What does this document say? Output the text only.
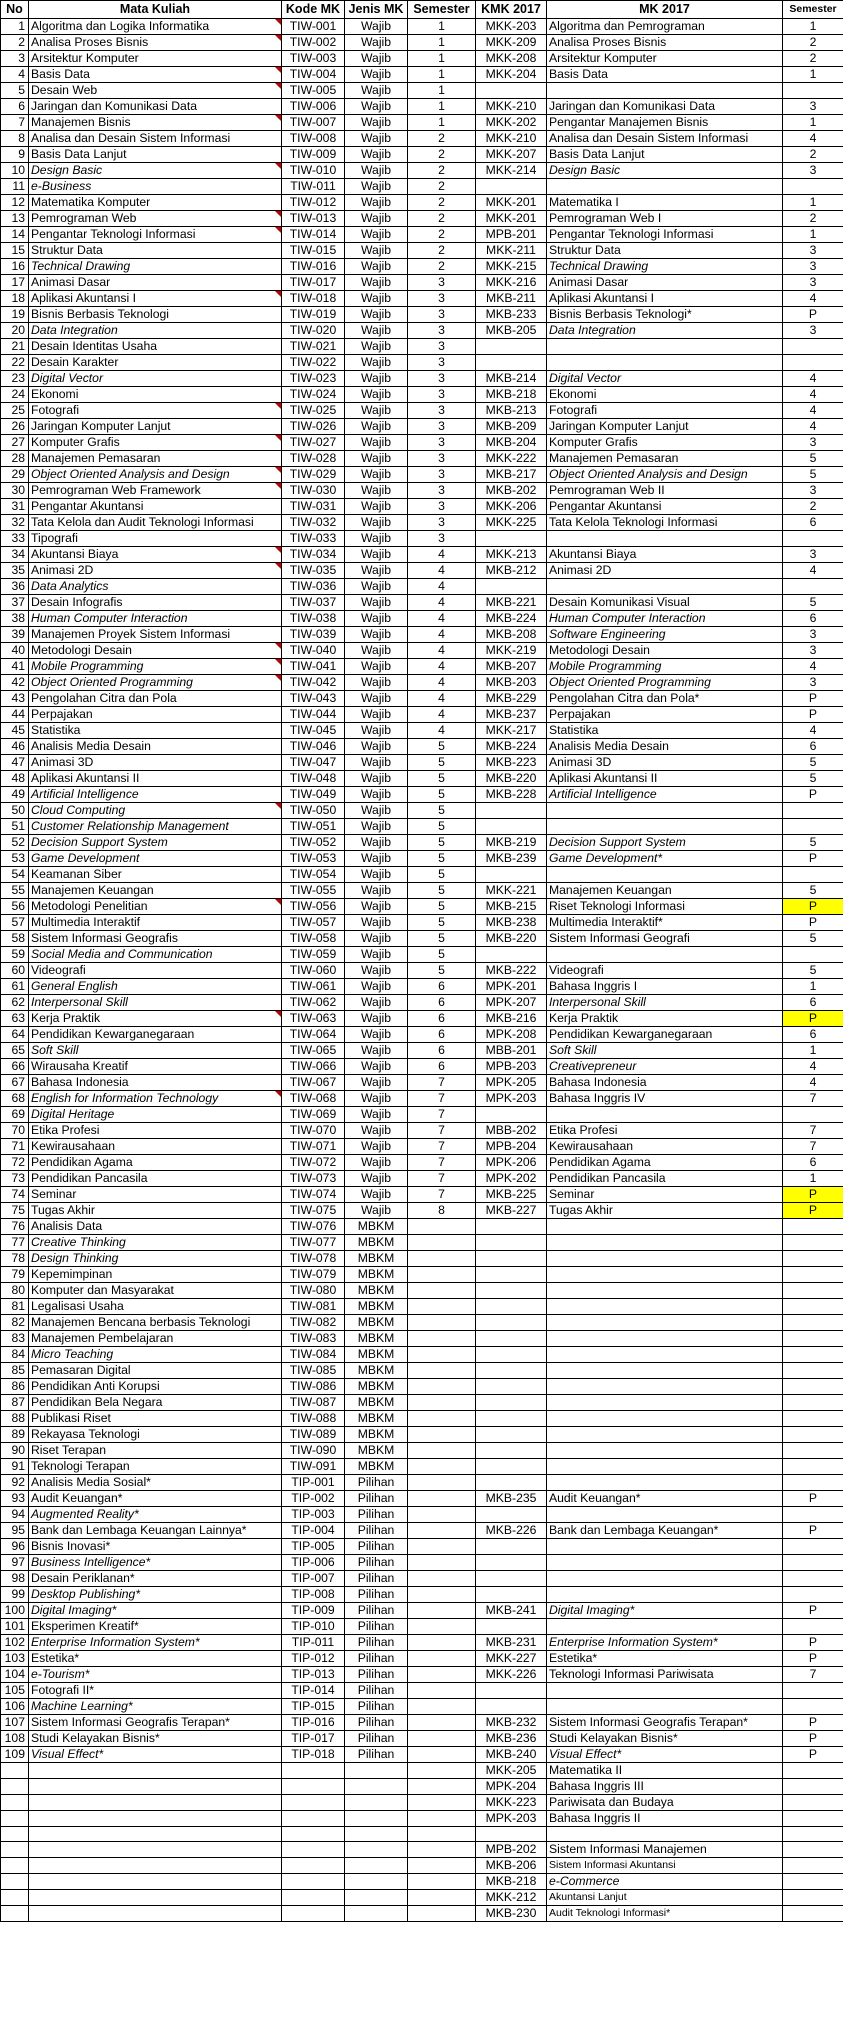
No	Mata Kuliah	Kode MK	Jenis MK	Semester	KMK 2017	MK 2017	Semester
1	Algoritma dan Logika Informatika	TIW-001	Wajib	1	MKK-203	Algoritma dan Pemrograman	1
2	Analisa Proses Bisnis	TIW-002	Wajib	1	MKK-209	Analisa Proses Bisnis	2
3	Arsitektur Komputer	TIW-003	Wajib	1	MKK-208	Arsitektur Komputer	2
4	Basis Data	TIW-004	Wajib	1	MKK-204	Basis Data	1
5	Desain Web	TIW-005	Wajib	1			
6	Jaringan dan Komunikasi Data	TIW-006	Wajib	1	MKK-210	Jaringan dan Komunikasi Data	3
7	Manajemen Bisnis	TIW-007	Wajib	1	MKK-202	Pengantar Manajemen Bisnis	1
8	Analisa dan Desain Sistem Informasi	TIW-008	Wajib	2	MKK-210	Analisa dan Desain Sistem Informasi	4
9	Basis Data Lanjut	TIW-009	Wajib	2	MKK-207	Basis Data Lanjut	2
10	Design Basic	TIW-010	Wajib	2	MKK-214	Design Basic	3
11	e-Business	TIW-011	Wajib	2			
12	Matematika Komputer	TIW-012	Wajib	2	MKK-201	Matematika I	1
13	Pemrograman Web	TIW-013	Wajib	2	MKK-201	Pemrograman Web I	2
14	Pengantar Teknologi Informasi	TIW-014	Wajib	2	MPB-201	Pengantar Teknologi Informasi	1
15	Struktur Data	TIW-015	Wajib	2	MKK-211	Struktur Data	3
16	Technical Drawing	TIW-016	Wajib	2	MKK-215	Technical Drawing	3
17	Animasi Dasar	TIW-017	Wajib	3	MKK-216	Animasi Dasar	3
18	Aplikasi Akuntansi I	TIW-018	Wajib	3	MKB-211	Aplikasi Akuntansi I	4
19	Bisnis Berbasis Teknologi	TIW-019	Wajib	3	MKB-233	Bisnis Berbasis Teknologi*	P
20	Data Integration	TIW-020	Wajib	3	MKB-205	Data Integration	3
21	Desain Identitas Usaha	TIW-021	Wajib	3			
22	Desain Karakter	TIW-022	Wajib	3			
23	Digital Vector	TIW-023	Wajib	3	MKB-214	Digital Vector	4
24	Ekonomi	TIW-024	Wajib	3	MKB-218	Ekonomi	4
25	Fotografi	TIW-025	Wajib	3	MKB-213	Fotografi	4
26	Jaringan Komputer Lanjut	TIW-026	Wajib	3	MKB-209	Jaringan Komputer Lanjut	4
27	Komputer Grafis	TIW-027	Wajib	3	MKB-204	Komputer Grafis	3
28	Manajemen Pemasaran	TIW-028	Wajib	3	MKK-222	Manajemen Pemasaran	5
29	Object Oriented Analysis and Design	TIW-029	Wajib	3	MKB-217	Object Oriented Analysis and Design	5
30	Pemrograman Web Framework	TIW-030	Wajib	3	MKB-202	Pemrograman Web II	3
31	Pengantar Akuntansi	TIW-031	Wajib	3	MKK-206	Pengantar Akuntansi	2
32	Tata Kelola dan Audit Teknologi Informasi	TIW-032	Wajib	3	MKK-225	Tata Kelola Teknologi Informasi	6
33	Tipografi	TIW-033	Wajib	3			
34	Akuntansi Biaya	TIW-034	Wajib	4	MKK-213	Akuntansi Biaya	3
35	Animasi 2D	TIW-035	Wajib	4	MKB-212	Animasi 2D	4
36	Data Analytics	TIW-036	Wajib	4			
37	Desain Infografis	TIW-037	Wajib	4	MKB-221	Desain Komunikasi Visual	5
38	Human Computer Interaction	TIW-038	Wajib	4	MKB-224	Human Computer Interaction	6
39	Manajemen Proyek Sistem Informasi	TIW-039	Wajib	4	MKB-208	Software Engineering	3
40	Metodologi Desain	TIW-040	Wajib	4	MKK-219	Metodologi Desain	3
41	Mobile Programming	TIW-041	Wajib	4	MKB-207	Mobile Programming	4
42	Object Oriented Programming	TIW-042	Wajib	4	MKB-203	Object Oriented Programming	3
43	Pengolahan Citra dan Pola	TIW-043	Wajib	4	MKB-229	Pengolahan Citra dan Pola*	P
44	Perpajakan	TIW-044	Wajib	4	MKB-237	Perpajakan	P
45	Statistika	TIW-045	Wajib	4	MKK-217	Statistika	4
46	Analisis Media Desain	TIW-046	Wajib	5	MKB-224	Analisis Media Desain	6
47	Animasi 3D	TIW-047	Wajib	5	MKB-223	Animasi 3D	5
48	Aplikasi Akuntansi II	TIW-048	Wajib	5	MKB-220	Aplikasi Akuntansi II	5
49	Artificial Intelligence	TIW-049	Wajib	5	MKB-228	Artificial Intelligence	P
50	Cloud Computing	TIW-050	Wajib	5			
51	Customer Relationship Management	TIW-051	Wajib	5			
52	Decision Support System	TIW-052	Wajib	5	MKB-219	Decision Support System	5
53	Game Development	TIW-053	Wajib	5	MKB-239	Game Development*	P
54	Keamanan Siber	TIW-054	Wajib	5			
55	Manajemen Keuangan	TIW-055	Wajib	5	MKK-221	Manajemen Keuangan	5
56	Metodologi Penelitian	TIW-056	Wajib	5	MKB-215	Riset Teknologi Informasi	P
57	Multimedia Interaktif	TIW-057	Wajib	5	MKB-238	Multimedia Interaktif*	P
58	Sistem Informasi Geografis	TIW-058	Wajib	5	MKB-220	Sistem Informasi Geografi	5
59	Social Media and Communication	TIW-059	Wajib	5			
60	Videografi	TIW-060	Wajib	5	MKB-222	Videografi	5
61	General English	TIW-061	Wajib	6	MPK-201	Bahasa Inggris I	1
62	Interpersonal Skill	TIW-062	Wajib	6	MPK-207	Interpersonal Skill	6
63	Kerja Praktik	TIW-063	Wajib	6	MKB-216	Kerja Praktik	P
64	Pendidikan Kewarganegaraan	TIW-064	Wajib	6	MPK-208	Pendidikan Kewarganegaraan	6
65	Soft Skill	TIW-065	Wajib	6	MBB-201	Soft Skill	1
66	Wirausaha Kreatif	TIW-066	Wajib	6	MPB-203	Creativepreneur	4
67	Bahasa Indonesia	TIW-067	Wajib	7	MPK-205	Bahasa Indonesia	4
68	English for Information Technology	TIW-068	Wajib	7	MPK-203	Bahasa Inggris IV	7
69	Digital Heritage	TIW-069	Wajib	7			
70	Etika Profesi	TIW-070	Wajib	7	MBB-202	Etika Profesi	7
71	Kewirausahaan	TIW-071	Wajib	7	MPB-204	Kewirausahaan	7
72	Pendidikan Agama	TIW-072	Wajib	7	MPK-206	Pendidikan Agama	6
73	Pendidikan Pancasila	TIW-073	Wajib	7	MPK-202	Pendidikan Pancasila	1
74	Seminar	TIW-074	Wajib	7	MKB-225	Seminar	P
75	Tugas Akhir	TIW-075	Wajib	8	MKB-227	Tugas Akhir	P
76	Analisis Data	TIW-076	MBKM				
77	Creative Thinking	TIW-077	MBKM				
78	Design Thinking	TIW-078	MBKM				
79	Kepemimpinan	TIW-079	MBKM				
80	Komputer dan Masyarakat	TIW-080	MBKM				
81	Legalisasi Usaha	TIW-081	MBKM				
82	Manajemen Bencana berbasis Teknologi	TIW-082	MBKM				
83	Manajemen Pembelajaran	TIW-083	MBKM				
84	Micro Teaching	TIW-084	MBKM				
85	Pemasaran Digital	TIW-085	MBKM				
86	Pendidikan Anti Korupsi	TIW-086	MBKM				
87	Pendidikan Bela Negara	TIW-087	MBKM				
88	Publikasi Riset	TIW-088	MBKM				
89	Rekayasa Teknologi	TIW-089	MBKM				
90	Riset Terapan	TIW-090	MBKM				
91	Teknologi Terapan	TIW-091	MBKM				
92	Analisis Media Sosial*	TIP-001	Pilihan				
93	Audit Keuangan*	TIP-002	Pilihan		MKB-235	Audit Keuangan*	P
94	Augmented Reality*	TIP-003	Pilihan				
95	Bank dan Lembaga Keuangan Lainnya*	TIP-004	Pilihan		MKB-226	Bank dan Lembaga Keuangan*	P
96	Bisnis Inovasi*	TIP-005	Pilihan				
97	Business Intelligence*	TIP-006	Pilihan				
98	Desain Periklanan*	TIP-007	Pilihan				
99	Desktop Publishing*	TIP-008	Pilihan				
100	Digital Imaging*	TIP-009	Pilihan		MKB-241	Digital Imaging*	P
101	Eksperimen Kreatif*	TIP-010	Pilihan				
102	Enterprise Information System*	TIP-011	Pilihan		MKB-231	Enterprise Information System*	P
103	Estetika*	TIP-012	Pilihan		MKK-227	Estetika*	P
104	e-Tourism*	TIP-013	Pilihan		MKK-226	Teknologi Informasi Pariwisata	7
105	Fotografi II*	TIP-014	Pilihan				
106	Machine Learning*	TIP-015	Pilihan				
107	Sistem Informasi Geografis Terapan*	TIP-016	Pilihan		MKB-232	Sistem Informasi Geografis Terapan*	P
108	Studi Kelayakan Bisnis*	TIP-017	Pilihan		MKB-236	Studi Kelayakan Bisnis*	P
109	Visual Effect*	TIP-018	Pilihan		MKB-240	Visual Effect*	P
					MKK-205	Matematika II	
					MPK-204	Bahasa Inggris III	
					MKK-223	Pariwisata dan Budaya	
					MPK-203	Bahasa Inggris II	

					MPB-202	Sistem Informasi Manajemen	
					MKB-206	Sistem Informasi Akuntansi	
					MKB-218	e-Commerce	
					MKK-212	Akuntansi Lanjut	
					MKB-230	Audit Teknologi Informasi*	
